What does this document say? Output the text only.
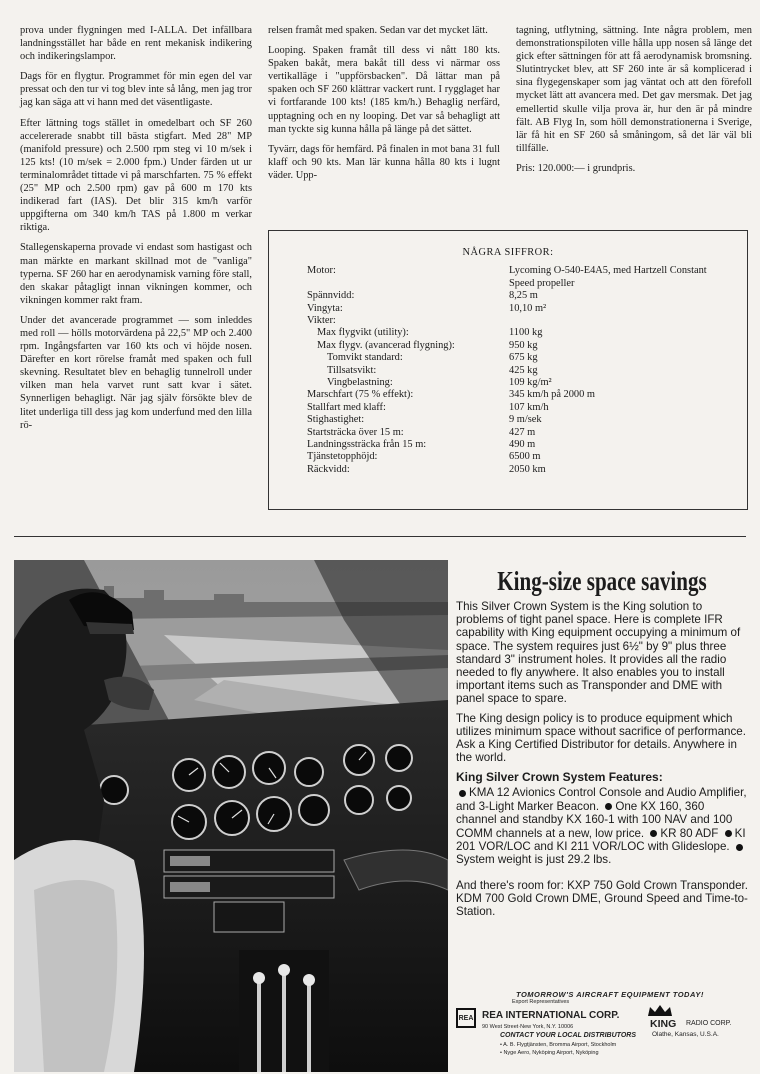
prova under flygningen med I-ALLA. Det infällbara landningsstället har både en rent mekanisk indikering och indikeringslampor.

Dags för en flygtur. Programmet för min egen del var pressat och den tur vi tog blev inte så lång, men jag tror jag kan säga att vi hann med det väsentligaste.

Efter lättning togs stället in omedelbart och SF 260 accelererade snabbt till bästa stigfart. Med 28" MP (manifold pressure) och 2.500 rpm steg vi 10 m/sek i 125 kts! (10 m/sek = 2.000 fpm.) Under färden ut ur terminalområdet tittade vi på marschfarten. 75 % effekt (25" MP och 2.500 rpm) gav på 600 m 170 kts indikerad fart (IAS). Det blir 315 km/h varför uppgifterna om 340 km/h TAS på 1.800 m verkar riktiga.

Stallegenskaperna provade vi endast som hastigast och man märkte en markant skillnad mot de "vanliga" typerna. SF 260 har en aerodynamisk varning före stall, den skakar påtagligt innan vikningen kommer, och vikningen kommer rakt fram.

Under det avancerade programmet — som inleddes med roll — hölls motorvärdena på 22,5" MP och 2.400 rpm. Ingångsfarten var 160 kts och vi höjde nosen. Därefter en kort rörelse framåt med spaken och full skevning. Resultatet blev en behaglig tunnelroll under vilken man hela varvet runt satt kvar i sätet. Synnerligen behagligt. När jag själv försökte blev de litet underliga till dess jag kom underfund med den lilla rö-

relsen framåt med spaken. Sedan var det mycket lätt.

Looping. Spaken framåt till dess vi nått 180 kts. Spaken bakåt, mera bakåt till dess vi närmar oss vertikalläge i "uppförsbacken". Då lättar man på spaken och SF 260 klättrar vackert runt. I rygglaget har vi fortfarande 100 kts! (185 km/h.) Behaglig nerfärd, upptagning och en ny looping. Det var så behagligt att man tyckte sig kunna hålla på länge på det sättet.

Tyvärr, dags för hemfärd. På finalen in mot bana 31 full klaff och 90 kts. Man lär kunna hålla 80 kts i lugnt väder. Upp-

tagning, utflytning, sättning. Inte några problem, men demonstrationspiloten ville hålla upp nosen så länge det gick efter sättningen för att få aerodynamisk bromsning. Slutintrycket blev, att SF 260 inte är så komplicerad i sina flygegenskaper som jag väntat och att den förefoll mycket lätt att avancera med. Det gav mersmak. Det jag emellertid skulle vilja prova är, hur den är på mindre fält. AB Flyg In, som höll demonstrationerna i Sverige, lär få hit en SF 260 så småningom, så det lär väl bli tillfälle.

Pris: 120.000:— i grundpris.

NÅGRA SIFFROR:
Motor:	Lycoming O-540-E4A5, med Hartzell Constant Speed propeller
Spännvidd:	8,25 m
Vingyta:	10,10 m²
Vikter:
Max flygvikt (utility):	1100 kg
Max flygv. (avancerad flygning):	950 kg
Tomvikt standard:	675 kg
Tillsatsvikt:	425 kg
Vingbelastning:	109 kg/m²
Marschfart (75 % effekt):	345 km/h på 2000 m
Stallfart med klaff:	107 km/h
Stighastighet:	9 m/sek
Startsträcka över 15 m:	427 m
Landningssträcka från 15 m:	490 m
Tjänstetopphöjd:	6500 m
Räckvidd:	2050 km
King-size space savings

This Silver Crown System is the King solution to problems of tight panel space. Here is complete IFR capability with King equipment occupying a minimum of space. The system requires just 6½" by 9" plus three standard 3" instrument holes. It provides all the radio needed to fly anywhere. It also enables you to install important items such as Transponder and DME with panel space to spare.

The King design policy is to produce equipment which utilizes minimum space without sacrifice of performance. Ask a King Certified Distributor for details. Anywhere in the world.

King Silver Crown System Features:
KMA 12 Avionics Control Console and Audio Amplifier, and 3-Light Marker Beacon. One KX 160, 360 channel and standby KX 160-1 with 100 NAV and 100 COMM channels at a new, low price. KR 80 ADF KI 201 VOR/LOC and KI 211 VOR/LOC with Glideslope. System weight is just 29.2 lbs.

And there's room for: KXP 750 Gold Crown Transponder. KDM 700 Gold Crown DME, Ground Speed and Time-to-Station.

TOMORROW'S AIRCRAFT EQUIPMENT TODAY!
Export Representatives
REA REA INTERNATIONAL CORP.
90 West Street·New York, N.Y. 10006
CONTACT YOUR LOCAL DISTRIBUTORS
• A. B. Flygtjänsten, Bromma Airport, Stockholm
• Nyge Aero, Nyköping Airport, Nyköping
KING RADIO CORP.
Olathe, Kansas, U.S.A.
